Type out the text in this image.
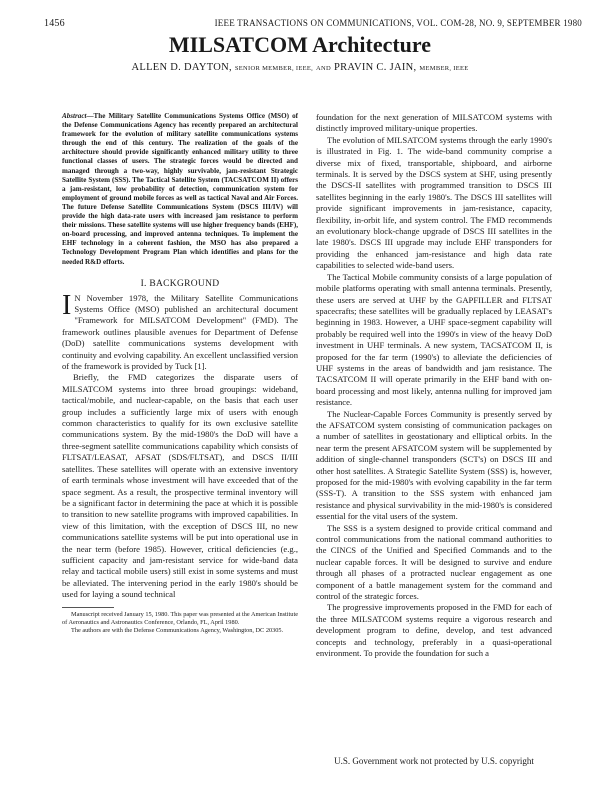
1456	IEEE TRANSACTIONS ON COMMUNICATIONS, VOL. COM-28, NO. 9, SEPTEMBER 1980
MILSATCOM Architecture
ALLEN D. DAYTON, SENIOR MEMBER, IEEE, AND PRAVIN C. JAIN, MEMBER, IEEE

Abstract—The Military Satellite Communications Systems Office (MSO) of the Defense Communications Agency has recently prepared an architectural framework for the evolution of military satellite communications systems through the end of this century. The realization of the goals of the architecture should provide significantly enhanced military utility to three functional classes of users. The strategic forces would be directed and managed through a two-way, highly survivable, jam-resistant Strategic Satellite System (SSS). The Tactical Satellite System (TACSATCOM II) offers a jam-resistant, low probability of detection, communication system for employment of ground mobile forces as well as tactical Naval and Air Forces. The future Defense Satellite Communications System (DSCS III/IV) will provide the high data-rate users with increased jam resistance to perform their missions. These satellite systems will use higher frequency bands (EHF), on-board processing, and improved antenna techniques. To implement the EHF technology in a coherent fashion, the MSO has also prepared a Technology Development Program Plan which identifies and plans for the needed R&D efforts.

I. BACKGROUND

I N November 1978, the Military Satellite Communications Systems Office (MSO) published an architectural document "Framework for MILSATCOM Development" (FMD). The framework outlines plausible avenues for Department of Defense (DoD) satellite communications systems development with continuity and evolving capability. An excellent unclassified version of the framework is provided by Tuck [1].

Briefly, the FMD categorizes the disparate users of MILSATCOM systems into three broad groupings: wideband, tactical/mobile, and nuclear-capable, on the basis that each user group includes a sufficiently large mix of users with enough common characteristics to qualify for its own exclusive satellite communications system. By the mid-1980's the DoD will have a three-segment satellite communications capability which consists of FLTSAT/LEASAT, AFSAT (SDS/FLTSAT), and DSCS II/III satellites. These satellites will operate with an extensive inventory of earth terminals whose investment will have exceeded that of the space segment. As a result, the prospective terminal inventory will be a significant factor in determining the pace at which it is possible to transition to new satellite programs with improved capabilities. In view of this limitation, with the exception of DSCS III, no new communications satellite systems will be put into operational use in the near term (before 1985). However, critical deficiencies (e.g., sufficient capacity and jam-resistant service for wide-band data relay and tactical mobile users) still exist in some systems and must be alleviated. The intervening period in the early 1980's should be used for laying a sound technical

Manuscript received January 15, 1980. This paper was presented at the American Institute of Aeronautics and Astronautics Conference, Orlando, FL, April 1980.

The authors are with the Defense Communications Agency, Washington, DC 20305.

foundation for the next generation of MILSATCOM systems with distinctly improved military-unique properties.

The evolution of MILSATCOM systems through the early 1990's is illustrated in Fig. 1. The wide-band community comprise a diverse mix of fixed, transportable, shipboard, and airborne terminals. It is served by the DSCS system at SHF, using presently the DSCS-II satellites with programmed transition to DSCS III satellites beginning in the early 1980's. The DSCS III satellites will provide significant improvements in jam-resistance, capacity, flexibility, in-orbit life, and system control. The FMD recommends an evolutionary block-change upgrade of DSCS III satellites in the late 1980's. DSCS III upgrade may include EHF transponders for providing the enhanced jam-resistance and high data rate capabilities to selected wide-band users.

The Tactical Mobile community consists of a large population of mobile platforms operating with small antenna terminals. Presently, these users are served at UHF by the GAPFILLER and FLTSAT spacecrafts; these satellites will be gradually replaced by LEASAT's beginning in 1983. However, a UHF space-segment capability will probably be required well into the 1990's in view of the heavy DoD investment in UHF terminals. A new system, TACSATCOM II, is proposed for the far term (1990's) to alleviate the deficiencies of UHF systems in the areas of bandwidth and jam resistance. The TACSATCOM II will operate primarily in the EHF band with on-board processing and most likely, antenna nulling for improved jam resistance.

The Nuclear-Capable Forces Community is presently served by the AFSATCOM system consisting of communication packages on a number of satellites in geostationary and elliptical orbits. In the near term the present AFSATCOM system will be supplemented by addition of single-channel transponders (SCT's) on DSCS III and other host satellites. A Strategic Satellite System (SSS) is, however, proposed for the mid-1980's with evolving capability in the far term (SSS-T). A transition to the SSS system with enhanced jam resistance and physical survivability in the mid-1980's is considered essential for the vital users of the system.

The SSS is a system designed to provide critical command and control communications from the national command authorities to the CINCS of the Unified and Specified Commands and to the nuclear capable forces. It will be designed to survive and endure through all phases of a protracted nuclear engagement as one component of a battle management system for the command and control of the strategic forces.

The progressive improvements proposed in the FMD for each of the three MILSATCOM systems require a vigorous research and development program to define, develop, and test advanced concepts and technology, preferably in a quasi-operational environment. To provide the foundation for such a

U.S. Government work not protected by U.S. copyright
